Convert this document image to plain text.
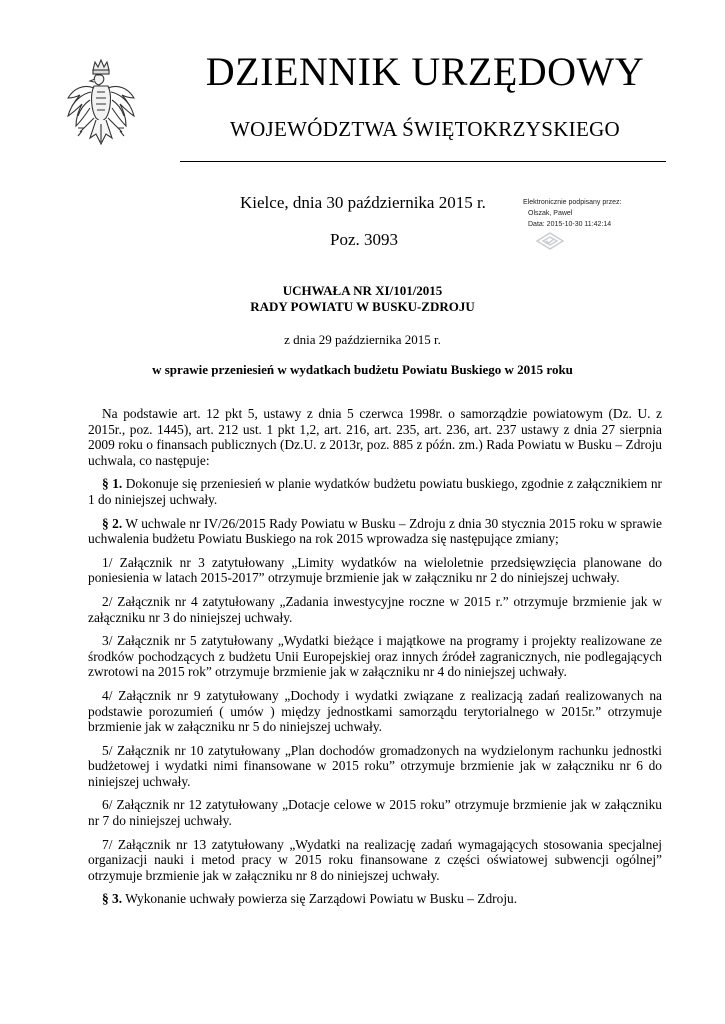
DZIENNIK URZĘDOWY
WOJEWÓDZTWA ŚWIĘTOKRZYSKIEGO
Kielce, dnia 30 października 2015 r.
Poz. 3093
Elektronicznie podpisany przez:
Olszak, Pawel
Data: 2015-10-30 11:42:14
UCHWAŁA NR XI/101/2015
RADY POWIATU W BUSKU-ZDROJU
z dnia 29 października 2015 r.
w sprawie przeniesień w wydatkach budżetu Powiatu Buskiego w 2015 roku

Na podstawie art. 12 pkt 5, ustawy z dnia 5 czerwca 1998r. o samorządzie powiatowym (Dz. U. z 2015r., poz. 1445), art. 212 ust. 1 pkt 1,2, art. 216, art. 235, art. 236, art. 237 ustawy z dnia 27 sierpnia 2009 roku o finansach publicznych (Dz.U. z 2013r, poz. 885 z późn. zm.) Rada Powiatu w Busku – Zdroju uchwala, co następuje:

§ 1. Dokonuje się przeniesień w planie wydatków budżetu powiatu buskiego, zgodnie z załącznikiem nr 1 do niniejszej uchwały.

§ 2. W uchwale nr IV/26/2015 Rady Powiatu w Busku – Zdroju z dnia 30 stycznia 2015 roku w sprawie uchwalenia budżetu Powiatu Buskiego na rok 2015 wprowadza się następujące zmiany;

1/ Załącznik nr 3 zatytułowany „Limity wydatków na wieloletnie przedsięwzięcia planowane do poniesienia w latach 2015-2017” otrzymuje brzmienie jak w załączniku nr 2 do niniejszej uchwały.

2/ Załącznik nr 4 zatytułowany „Zadania inwestycyjne roczne w 2015 r.” otrzymuje brzmienie jak w załączniku nr 3 do niniejszej uchwały.

3/ Załącznik nr 5 zatytułowany „Wydatki bieżące i majątkowe na programy i projekty realizowane ze środków pochodzących z budżetu Unii Europejskiej oraz innych źródeł zagranicznych, nie podlegających zwrotowi na 2015 rok” otrzymuje brzmienie jak w załączniku nr 4 do niniejszej uchwały.

4/ Załącznik nr 9 zatytułowany „Dochody i wydatki związane z realizacją zadań realizowanych na podstawie porozumień ( umów ) między jednostkami samorządu terytorialnego w 2015r.” otrzymuje brzmienie jak w załączniku nr 5 do niniejszej uchwały.

5/ Załącznik nr 10 zatytułowany „Plan dochodów gromadzonych na wydzielonym rachunku jednostki budżetowej i wydatki nimi finansowane w 2015 roku” otrzymuje brzmienie jak w załączniku nr 6 do niniejszej uchwały.

6/ Załącznik nr 12 zatytułowany „Dotacje celowe w 2015 roku” otrzymuje brzmienie jak w załączniku nr 7 do niniejszej uchwały.

7/ Załącznik nr 13 zatytułowany „Wydatki na realizację zadań wymagających stosowania specjalnej organizacji nauki i metod pracy w 2015 roku finansowane z części oświatowej subwencji ogólnej” otrzymuje brzmienie jak w załączniku nr 8 do niniejszej uchwały.

§ 3. Wykonanie uchwały powierza się Zarządowi Powiatu w Busku – Zdroju.
